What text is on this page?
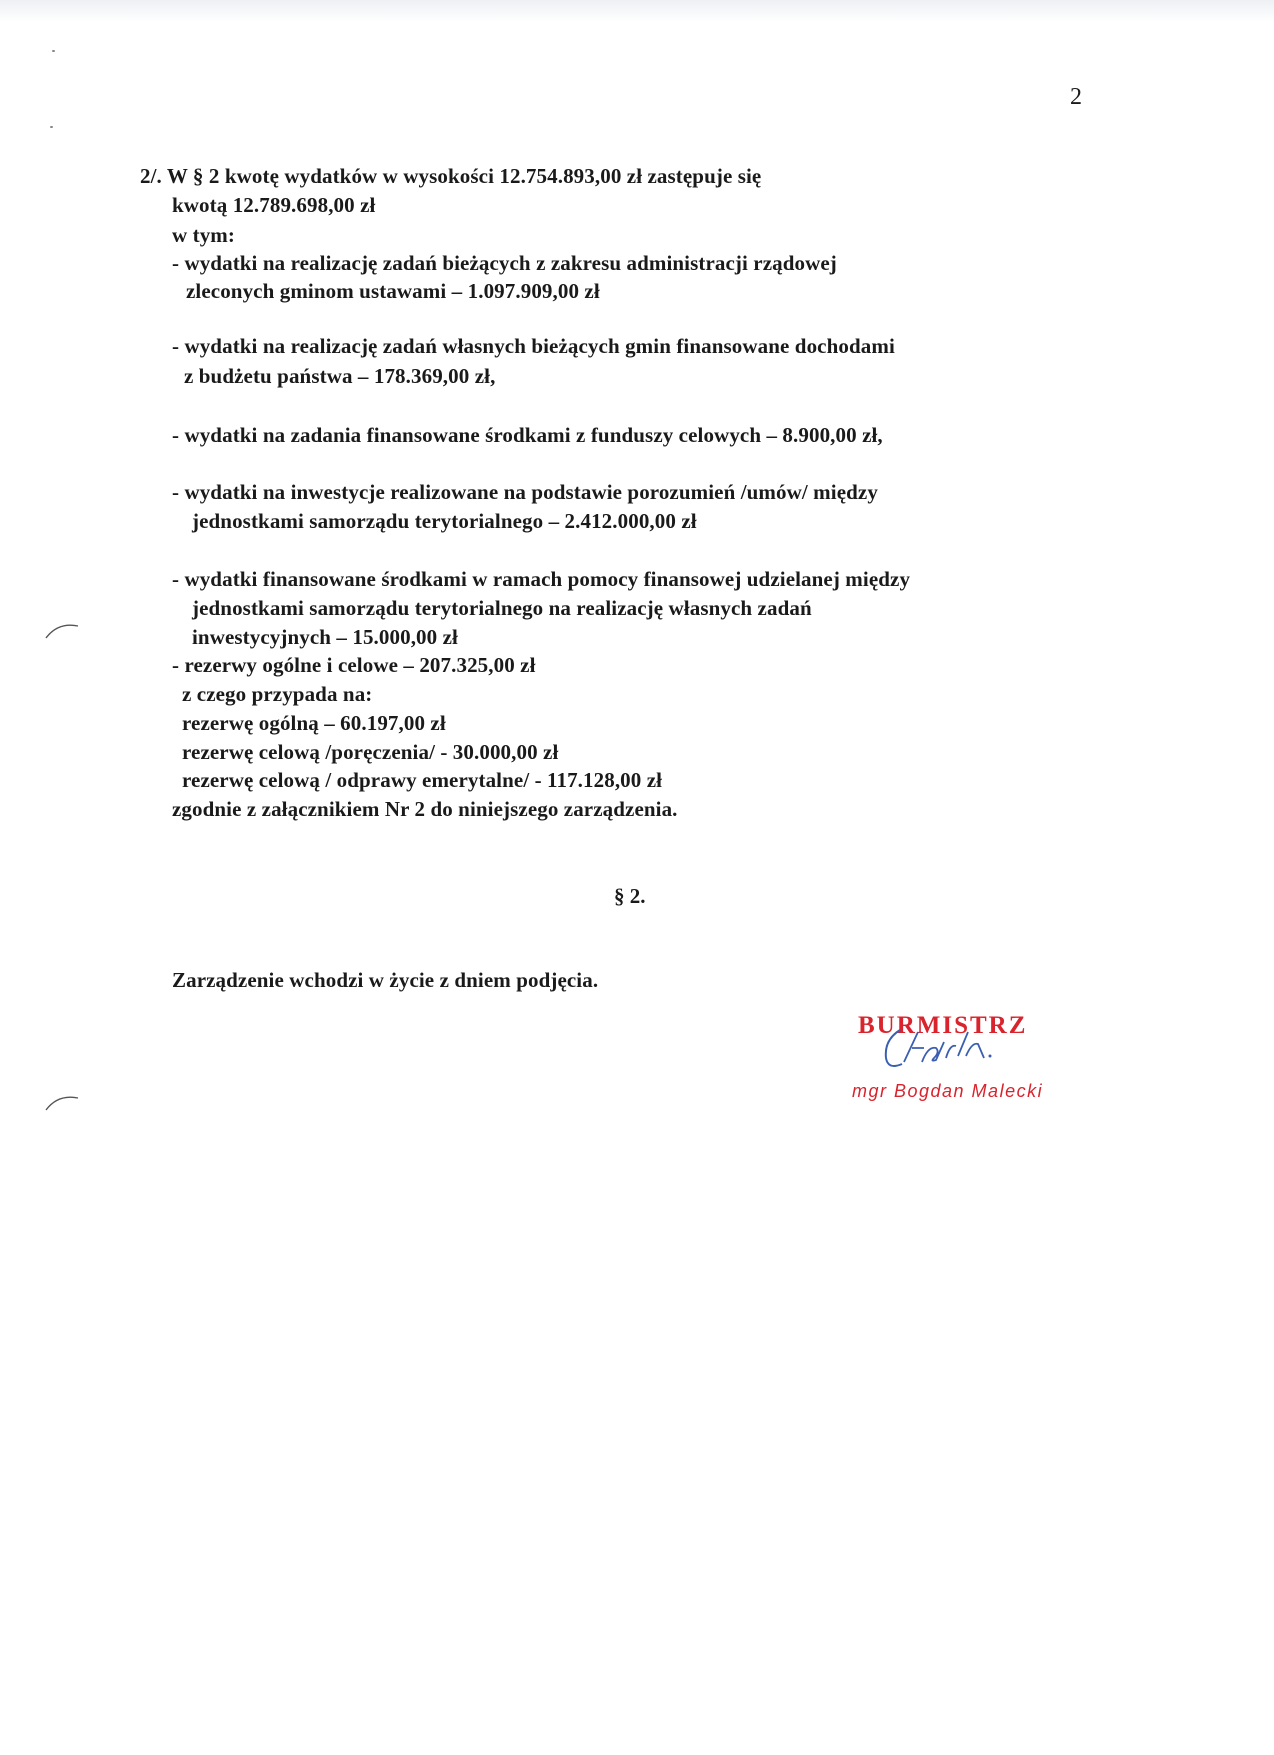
2
2/. W § 2 kwotę wydatków w wysokości 12.754.893,00 zł zastępuje się
kwotą 12.789.698,00 zł
w tym:
- wydatki na realizację zadań bieżących z zakresu administracji rządowej
zleconych gminom ustawami – 1.097.909,00 zł
- wydatki na realizację zadań własnych bieżących gmin finansowane dochodami
z budżetu państwa – 178.369,00 zł,
- wydatki na zadania finansowane środkami z funduszy celowych – 8.900,00 zł,
- wydatki na inwestycje realizowane na podstawie porozumień /umów/ między
jednostkami samorządu terytorialnego – 2.412.000,00 zł
- wydatki finansowane środkami w ramach pomocy finansowej udzielanej między
jednostkami samorządu terytorialnego na realizację własnych zadań
inwestycyjnych – 15.000,00 zł
- rezerwy ogólne i celowe – 207.325,00 zł
z czego przypada na:
rezerwę ogólną – 60.197,00 zł
rezerwę celową /poręczenia/ - 30.000,00 zł
rezerwę celową / odprawy emerytalne/ - 117.128,00 zł
zgodnie z załącznikiem Nr 2 do niniejszego zarządzenia.
§ 2.
Zarządzenie wchodzi w życie z dniem podjęcia.
BURMISTRZ
mgr Bogdan Malecki
